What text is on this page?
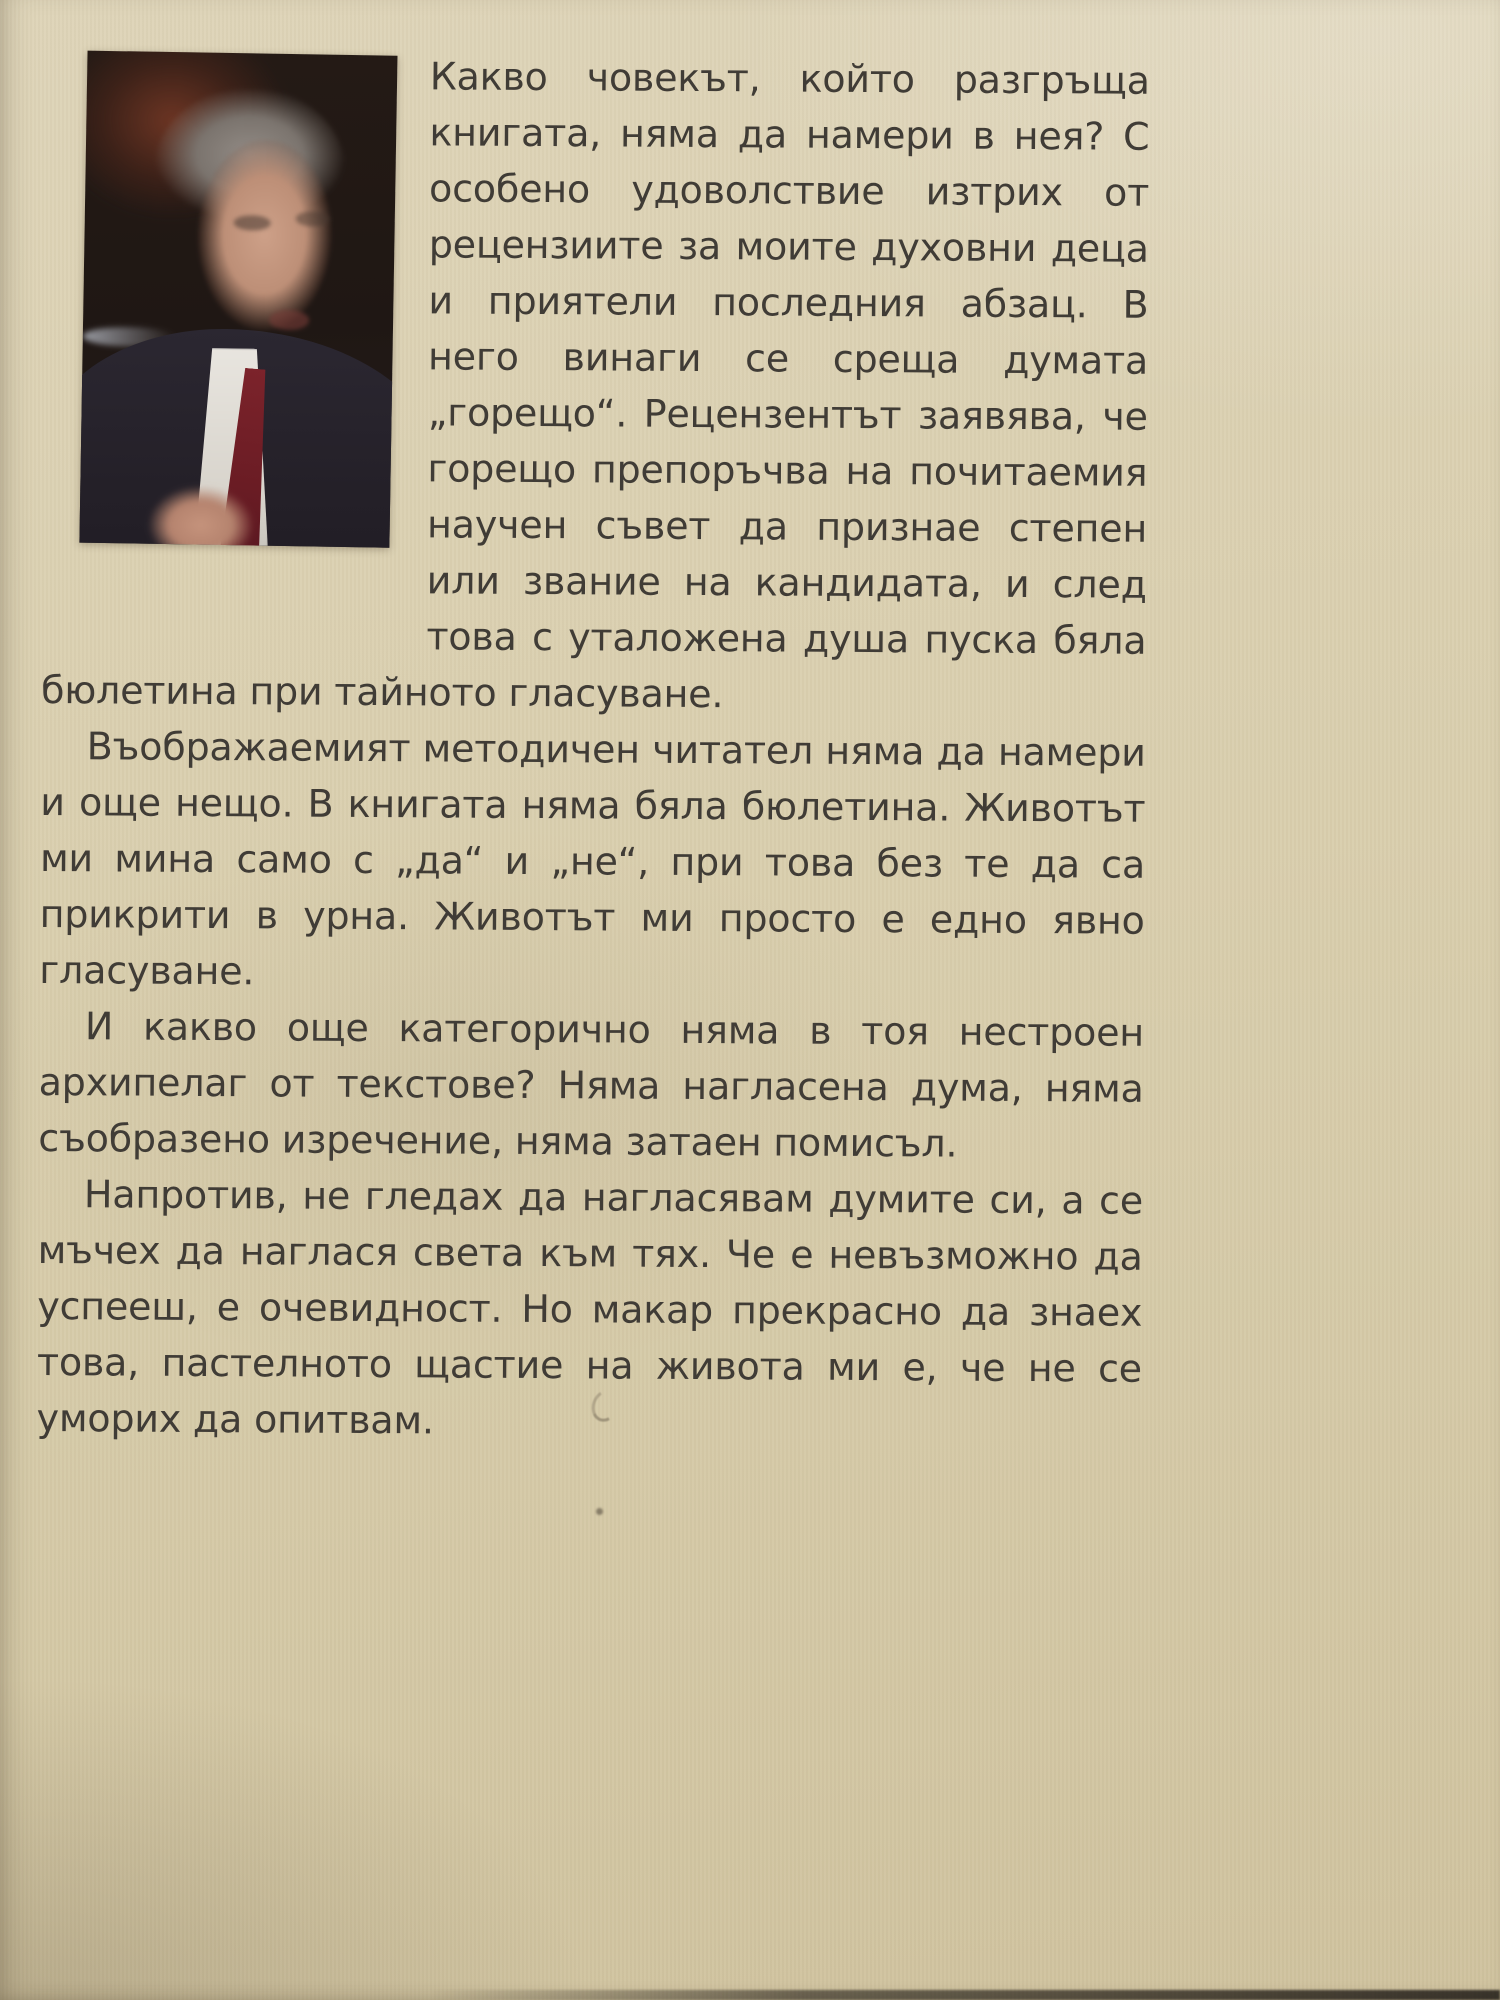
Какво човекът, който разгръща книгата, няма да намери в нея? С особено удоволствие изтрих от рецензиите за моите духовни деца и приятели последния абзац. В него винаги се среща думата „горещо“. Рецензентът заявява, че горещо препоръчва на почитаемия научен съвет да признае степен или звание на кандидата, и след това с уталожена душа пуска бяла бюлетина при тайното гласуване.

Въображаемият методичен читател няма да намери и още нещо. В книгата няма бяла бюлетина. Животът ми мина само с „да“ и „не“, при това без те да са прикрити в урна. Животът ми просто е едно явно гласуване.

И какво още категорично няма в тоя нестроен архипелаг от текстове? Няма нагласена дума, няма съобразено изречение, няма затаен помисъл.

Напротив, не гледах да нагласявам думите си, а се мъчех да наглася света към тях. Че е невъзможно да успееш, е очевидност. Но макар прекрасно да знаех това, пастелното щастие на живота ми е, че не се уморих да опитвам.
